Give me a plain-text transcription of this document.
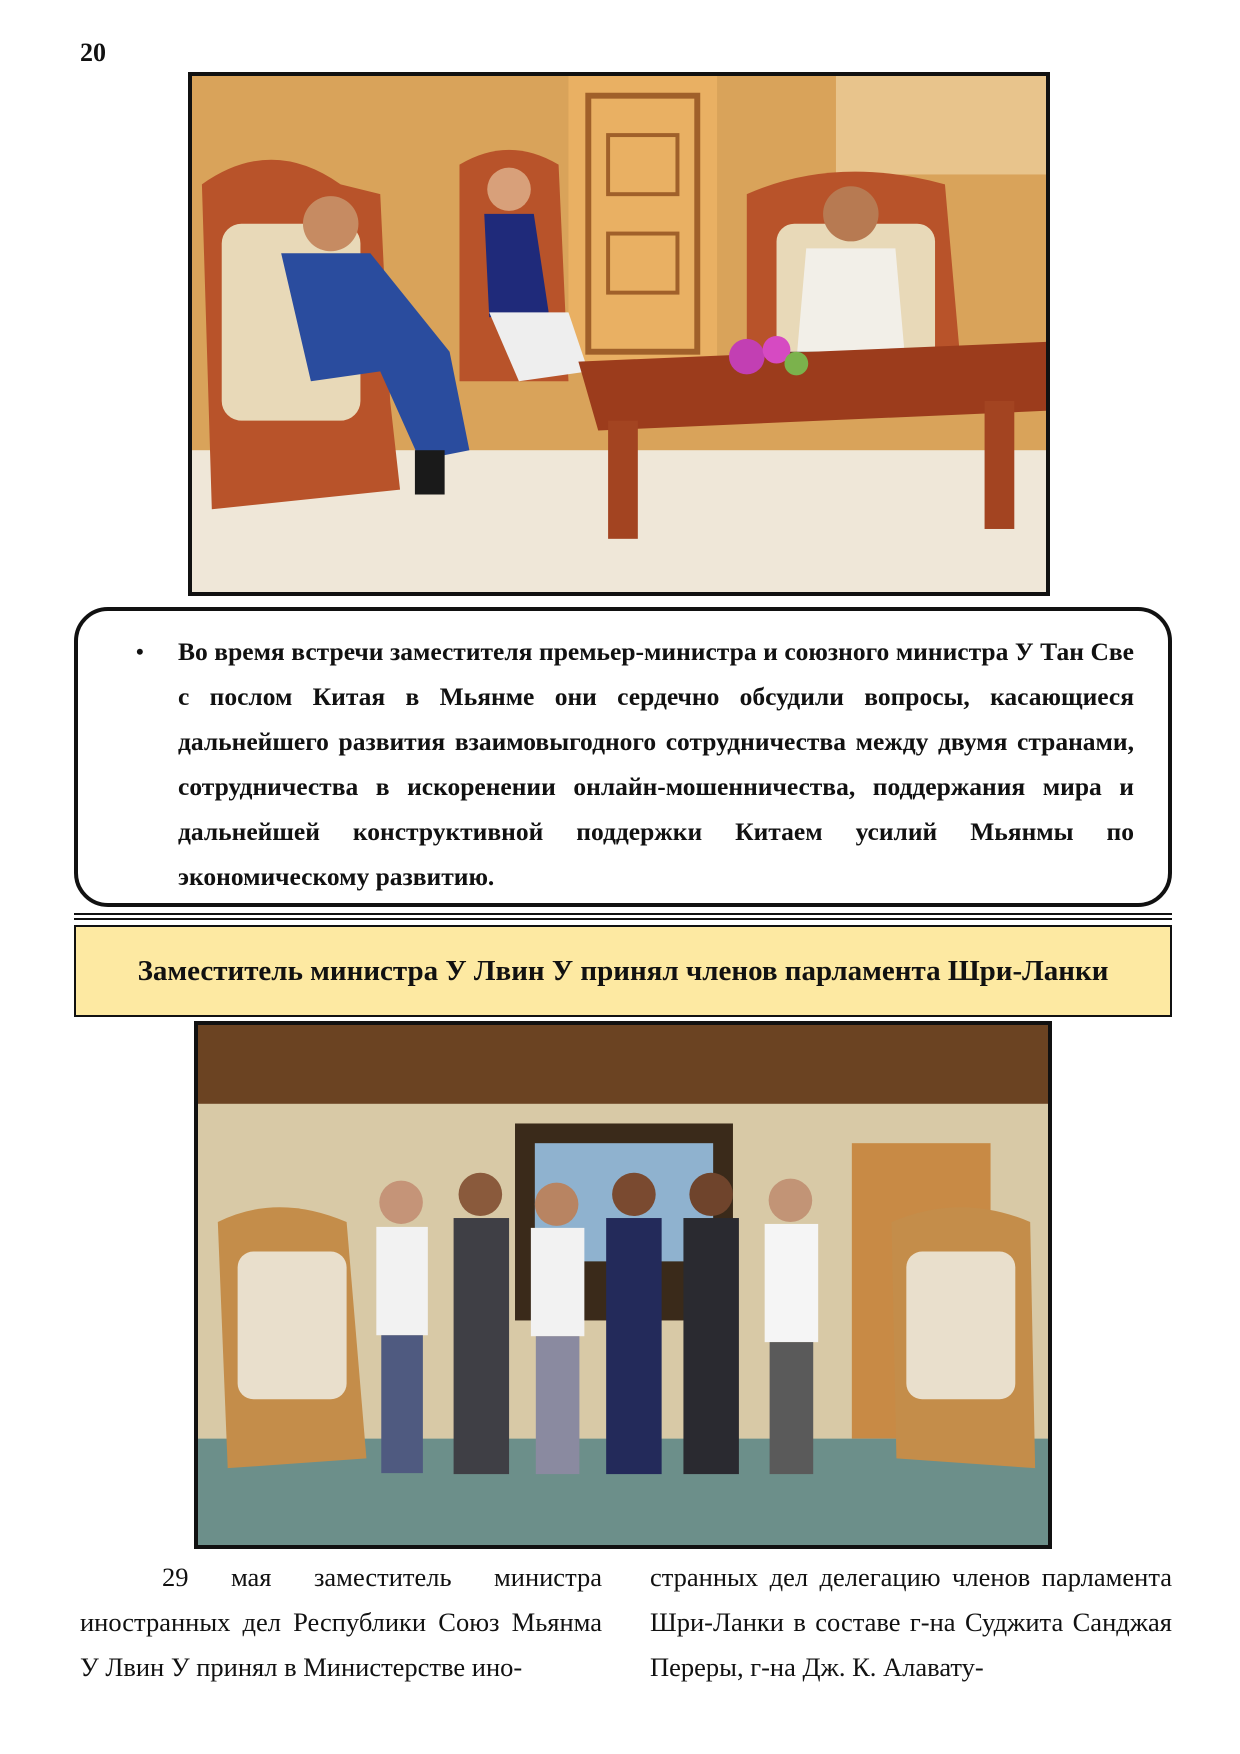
20
• Во время встречи заместителя премьер-министра и союзного министра У Тан Све с послом Китая в Мьянме они сердечно обсудили вопросы, касающиеся дальнейшего развития взаимовыгодного сотрудничества между двумя странами, сотрудничества в искоренении онлайн-мошенничества, поддержания мира и дальнейшей конструктивной поддержки Китаем усилий Мьянмы по экономическому развитию.
Заместитель министра У Лвин У принял членов парламента Шри-Ланки

29 мая заместитель министра иностранных дел Республики Союз Мьянма У Лвин У принял в Министерстве ино-

странных дел делегацию членов парламента Шри-Ланки в составе г-на Суджита Санджая Переры, г-на Дж. К. Алавату-
